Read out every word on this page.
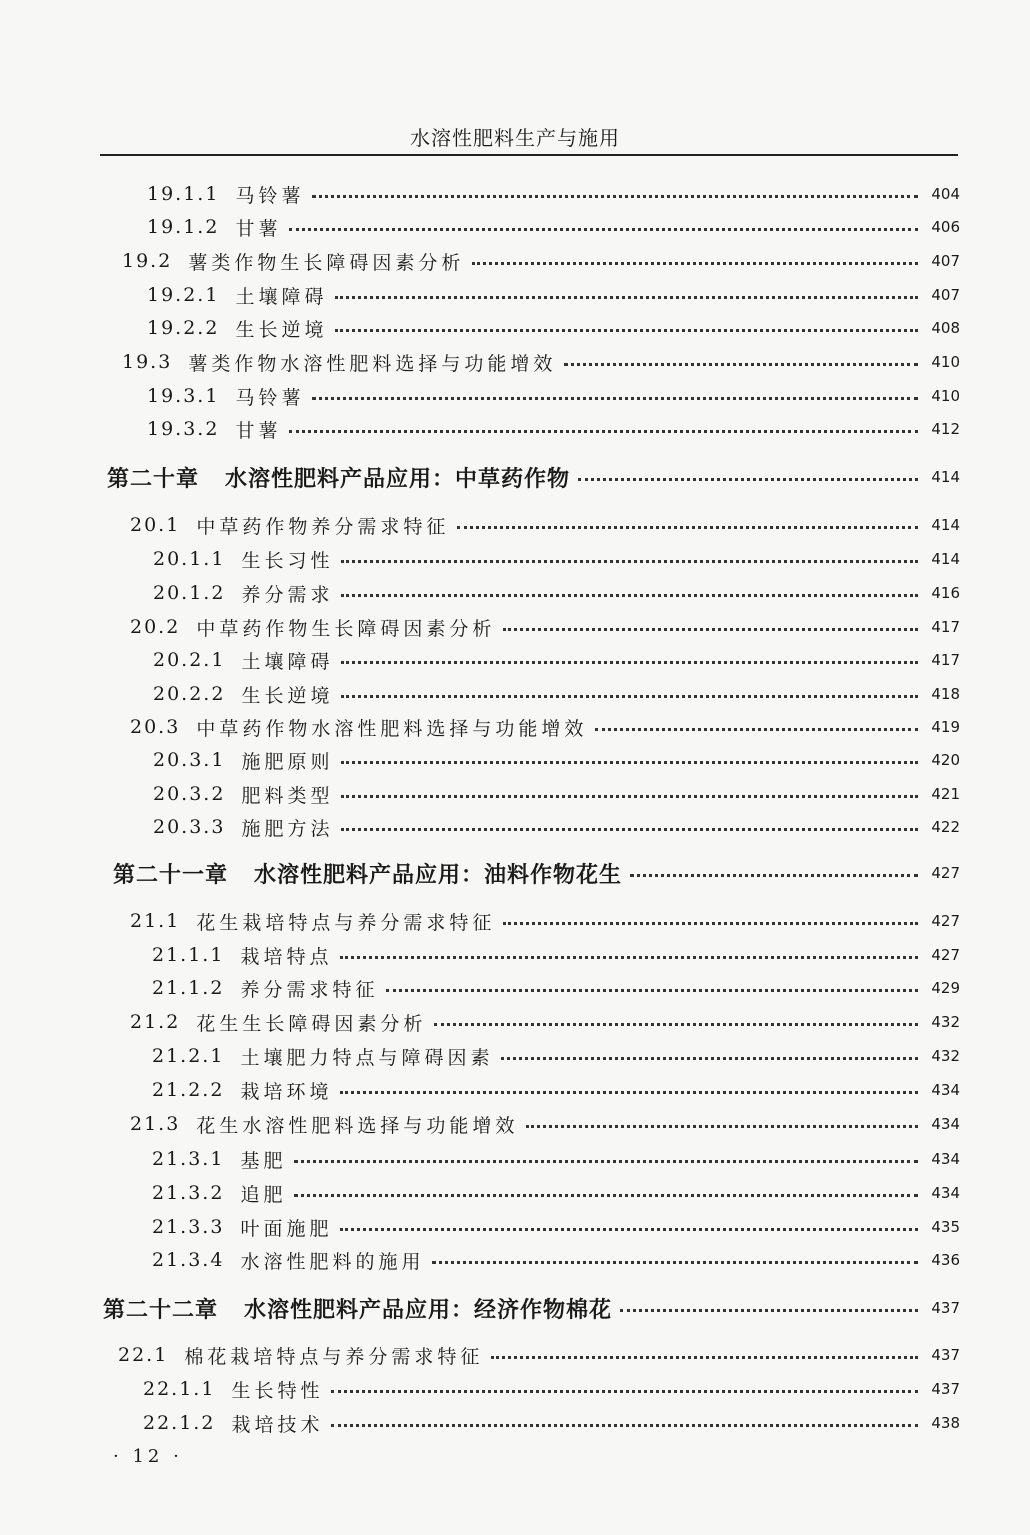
水溶性肥料生产与施用
19.1.1 马铃薯	404
19.1.2 甘薯	406
19.2 薯类作物生长障碍因素分析	407
19.2.1 土壤障碍	407
19.2.2 生长逆境	408
19.3 薯类作物水溶性肥料选择与功能增效	410
19.3.1 马铃薯	410
19.3.2 甘薯	412
第二十章 水溶性肥料产品应用：中草药作物	414
20.1 中草药作物养分需求特征	414
20.1.1 生长习性	414
20.1.2 养分需求	416
20.2 中草药作物生长障碍因素分析	417
20.2.1 土壤障碍	417
20.2.2 生长逆境	418
20.3 中草药作物水溶性肥料选择与功能增效	419
20.3.1 施肥原则	420
20.3.2 肥料类型	421
20.3.3 施肥方法	422
第二十一章 水溶性肥料产品应用：油料作物花生	427
21.1 花生栽培特点与养分需求特征	427
21.1.1 栽培特点	427
21.1.2 养分需求特征	429
21.2 花生生长障碍因素分析	432
21.2.1 土壤肥力特点与障碍因素	432
21.2.2 栽培环境	434
21.3 花生水溶性肥料选择与功能增效	434
21.3.1 基肥	434
21.3.2 追肥	434
21.3.3 叶面施肥	435
21.3.4 水溶性肥料的施用	436
第二十二章 水溶性肥料产品应用：经济作物棉花	437
22.1 棉花栽培特点与养分需求特征	437
22.1.1 生长特性	437
22.1.2 栽培技术	438
· 12 ·
